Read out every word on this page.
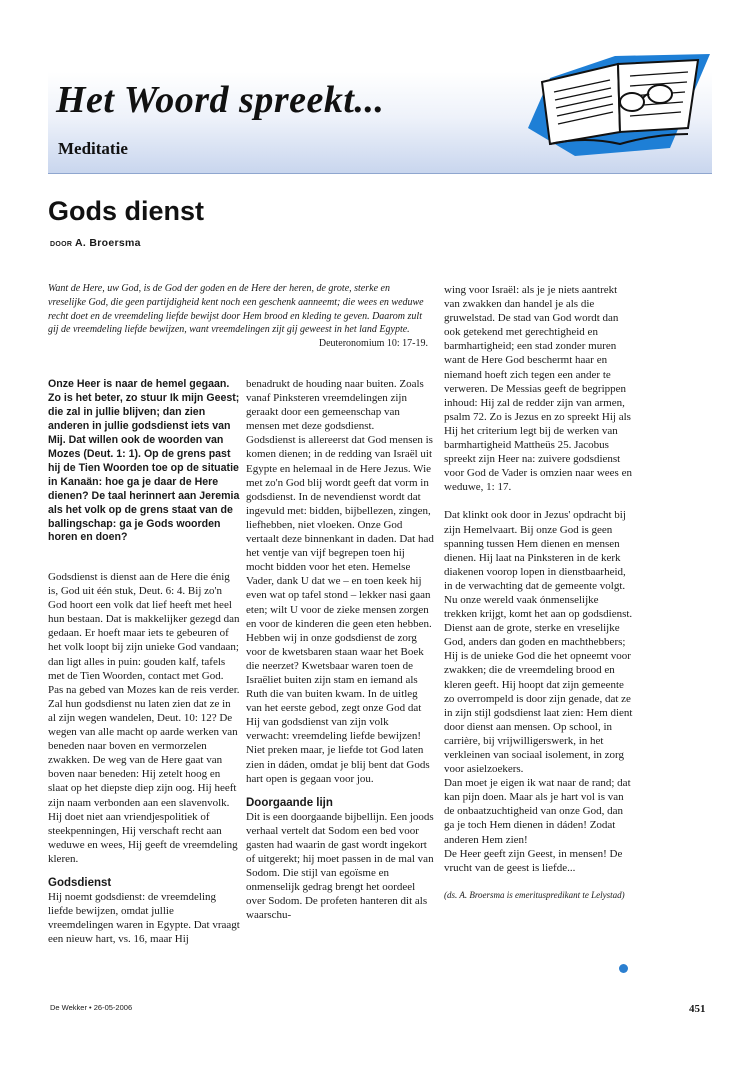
Het Woord spreekt...
Meditatie
Gods dienst
DOOR A. Broersma
Want de Here, uw God, is de God der goden en de Here der heren, de grote, sterke en vreselijke God, die geen partijdigheid kent noch een geschenk aanneemt; die wees en weduwe recht doet en de vreemdeling liefde bewijst door Hem brood en kleding te geven. Daarom zult gij de vreemdeling liefde bewijzen, want vreemdelingen zijt gij geweest in het land Egypte.
Deuteronomium 10: 17-19.
Onze Heer is naar de hemel gegaan. Zo is het beter, zo stuur Ik mijn Geest; die zal in jullie blijven; dan zien anderen in jullie godsdienst iets van Mij. Dat willen ook de woorden van Mozes (Deut. 1: 1). Op de grens past hij de Tien Woorden toe op de situatie in Kanaän: hoe ga je daar de Here dienen? De taal herinnert aan Jeremia als het volk op de grens staat van de ballingschap: ga je Gods woorden horen en doen?

Godsdienst is dienst aan de Here die énig is, God uit één stuk, Deut. 6: 4. Bij zo'n God hoort een volk dat lief heeft met heel hun bestaan. Dat is makkelijker gezegd dan gedaan. Er hoeft maar iets te gebeuren of het volk loopt bij zijn unieke God vandaan; dan ligt alles in puin: gouden kalf, tafels met de Tien Woorden, contact met God. Pas na gebed van Mozes kan de reis verder. Zal hun godsdienst nu laten zien dat ze in al zijn wegen wandelen, Deut. 10: 12? De wegen van alle macht op aarde werken van beneden naar boven en vermorzelen zwakken. De weg van de Here gaat van boven naar beneden: Hij zetelt hoog en slaat op het diepste diep zijn oog. Hij heeft zijn naam verbonden aan een slavenvolk. Hij doet niet aan vriendjespolitiek of steekpenningen, Hij verschaft recht aan weduwe en wees, Hij geeft de vreemdeling kleren.

Godsdienst

Hij noemt godsdienst: de vreemdeling liefde bewijzen, omdat jullie vreemdelingen waren in Egypte. Dat vraagt een nieuw hart, vs. 16, maar Hij

benadrukt de houding naar buiten. Zoals vanaf Pinksteren vreemdelingen zijn geraakt door een gemeenschap van mensen met deze godsdienst.

Godsdienst is allereerst dat God mensen is komen dienen; in de redding van Israël uit Egypte en helemaal in de Here Jezus. Wie met zo'n God blij wordt geeft dat vorm in godsdienst. In de nevendienst wordt dat ingevuld met: bidden, bijbellezen, zingen, liefhebben, niet vloeken. Onze God vertaalt deze binnenkant in daden. Dat had het ventje van vijf begrepen toen hij mocht bidden voor het eten. Hemelse Vader, dank U dat we – en toen keek hij even wat op tafel stond – lekker nasi gaan eten; wilt U voor de zieke mensen zorgen en voor de kinderen die geen eten hebben.

Hebben wij in onze godsdienst de zorg voor de kwetsbaren staan waar het Boek die neerzet? Kwetsbaar waren toen de Israëliet buiten zijn stam en iemand als Ruth die van buiten kwam. In de uitleg van het eerste gebod, zegt onze God dat Hij van godsdienst van zijn volk verwacht: vreemdeling liefde bewijzen! Niet preken maar, je liefde tot God laten zien in dáden, omdat je blij bent dat Gods hart open is gegaan voor jou.

Doorgaande lijn

Dit is een doorgaande bijbellijn. Een joods verhaal vertelt dat Sodom een bed voor gasten had waarin de gast wordt ingekort of uitgerekt; hij moet passen in de mal van Sodom. Die stijl van egoïsme en onmenselijk gedrag brengt het oordeel over Sodom. De profeten hanteren dit als waarschu-

wing voor Israël: als je je niets aantrekt van zwakken dan handel je als die gruwelstad. De stad van God wordt dan ook getekend met gerechtigheid en barmhartigheid; een stad zonder muren want de Here God beschermt haar en niemand hoeft zich tegen een ander te verweren. De Messias geeft de begrippen inhoud: Hij zal de redder zijn van armen, psalm 72. Zo is Jezus en zo spreekt Hij als Hij het criterium legt bij de werken van barmhartigheid Mattheüs 25. Jacobus spreekt zijn Heer na: zuivere godsdienst voor God de Vader is omzien naar wees en weduwe, 1: 17.

Dat klinkt ook door in Jezus' opdracht bij zijn Hemelvaart. Bij onze God is geen spanning tussen Hem dienen en mensen dienen. Hij laat na Pinksteren in de kerk diakenen voorop lopen in dienstbaarheid, in de verwachting dat de gemeente volgt. Nu onze wereld vaak ónmenselijke trekken krijgt, komt het aan op godsdienst. Dienst aan de grote, sterke en vreselijke God, anders dan goden en machthebbers; Hij is de unieke God die het opneemt voor zwakken; die de vreemdeling brood en kleren geeft. Hij hoopt dat zijn gemeente zo overrompeld is door zijn genade, dat ze in zijn stijl godsdienst laat zien: Hem dient door dienst aan mensen. Op school, in carrière, bij vrijwilligerswerk, in het verkleinen van sociaal isolement, in zorg voor asielzoekers.

Dan moet je eigen ik wat naar de rand; dat kan pijn doen. Maar als je hart vol is van de onbaatzuchtigheid van onze God, dan ga je toch Hem dienen in dáden! Zodat anderen Hem zien!

De Heer geeft zijn Geest, in mensen! De vrucht van de geest is liefde...

(ds. A. Broersma is emerituspredikant te Lelystad)

De Wekker • 26-05-2006	451
